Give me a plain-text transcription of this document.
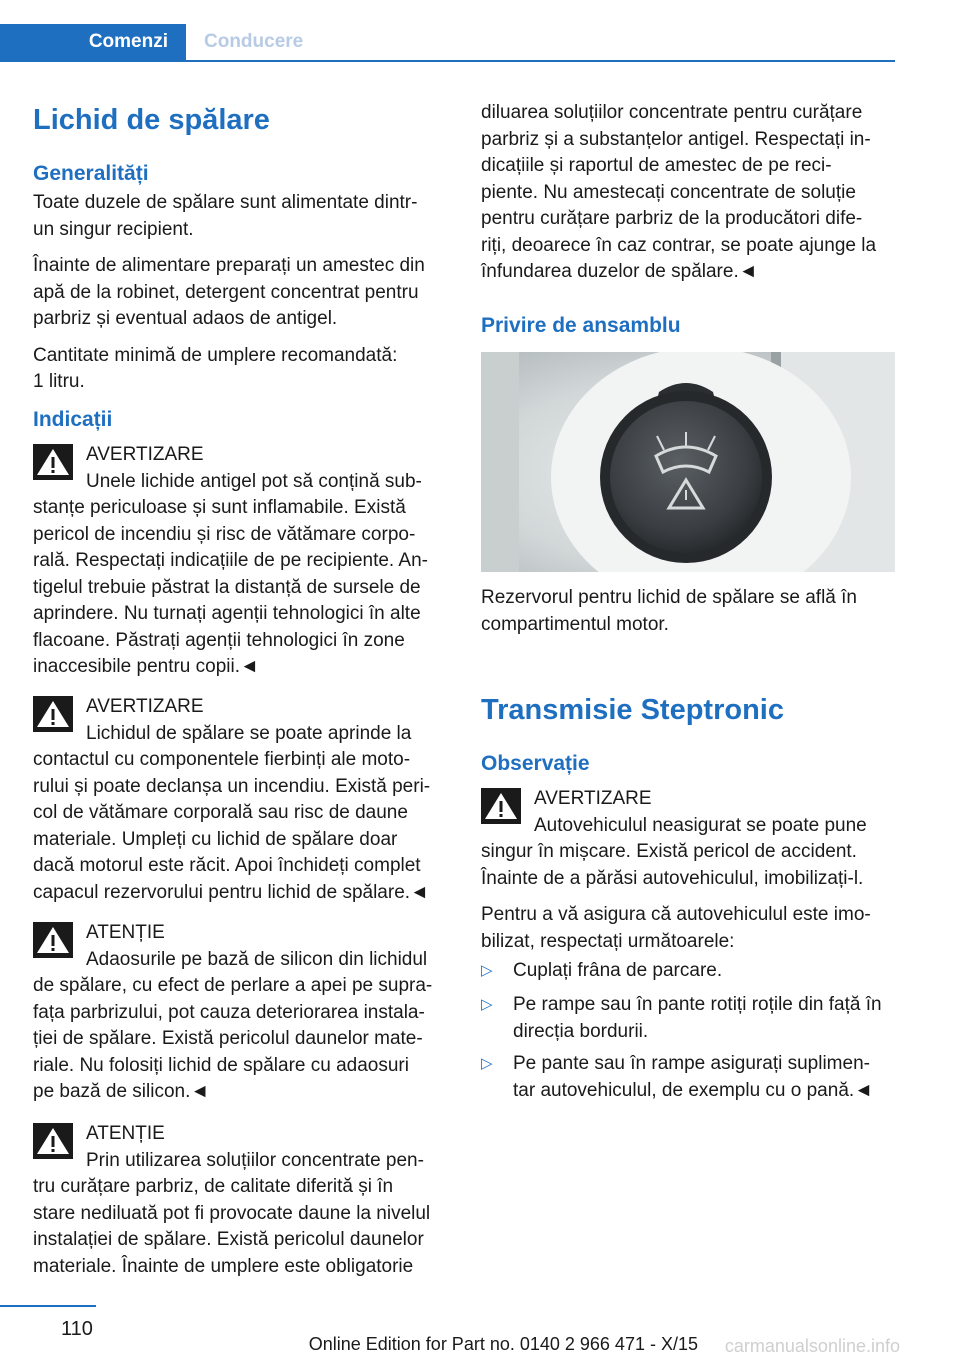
Comenzi	Conducere
Lichid de spălare
Generalități

Toate duzele de spălare sunt alimentate dintr-

un singur recipient.

Înainte de alimentare preparați un amestec din

apă de la robinet, detergent concentrat pentru

parbriz și eventual adaos de antigel.

Cantitate minimă de umplere recomandată:

1 litru.

Indicații

AVERTIZARE

Unele lichide antigel pot să conțină sub-

stanțe periculoase și sunt inflamabile. Există

pericol de incendiu și risc de vătămare corpo-

rală. Respectați indicațiile de pe recipiente. An-

tigelul trebuie păstrat la distanță de sursele de

aprindere. Nu turnați agenții tehnologici în alte

flacoane. Păstrați agenții tehnologici în zone

inaccesibile pentru copii.◄

AVERTIZARE

Lichidul de spălare se poate aprinde la

contactul cu componentele fierbinți ale moto-

rului și poate declanșa un incendiu. Există peri-

col de vătămare corporală sau risc de daune

materiale. Umpleți cu lichid de spălare doar

dacă motorul este răcit. Apoi închideți complet

capacul rezervorului pentru lichid de spălare.◄

ATENȚIE

Adaosurile pe bază de silicon din lichidul

de spălare, cu efect de perlare a apei pe supra-

fața parbrizului, pot cauza deteriorarea instala-

ției de spălare. Există pericolul daunelor mate-

riale. Nu folosiți lichid de spălare cu adaosuri

pe bază de silicon.◄

ATENȚIE

Prin utilizarea soluțiilor concentrate pen-

tru curățare parbriz, de calitate diferită și în

stare nediluată pot fi provocate daune la nivelul

instalației de spălare. Există pericolul daunelor

materiale. Înainte de umplere este obligatorie

diluarea soluțiilor concentrate pentru curățare

parbriz și a substanțelor antigel. Respectați in-

dicațiile și raportul de amestec de pe reci-

piente. Nu amestecați concentrate de soluție

pentru curățare parbriz de la producători dife-

riți, deoarece în caz contrar, se poate ajunge la

înfundarea duzelor de spălare.◄

Privire de ansamblu

Rezervorul pentru lichid de spălare se află în

compartimentul motor.

Transmisie Steptronic
Observație

AVERTIZARE

Autovehiculul neasigurat se poate pune

singur în mișcare. Există pericol de accident.

Înainte de a părăsi autovehiculul, imobilizați-l.

Pentru a vă asigura că autovehiculul este imo-

bilizat, respectați următoarele:

▷ Cuplați frâna de parcare.
▷ Pe rampe sau în pante rotiți roțile din față în

direcția bordurii.

▷ Pe pante sau în rampe asigurați suplimen-

tar autovehiculul, de exemplu cu o pană.◄

110
carmanualsonline.info
Online Edition for Part no. 0140 2 966 471 - X/15
